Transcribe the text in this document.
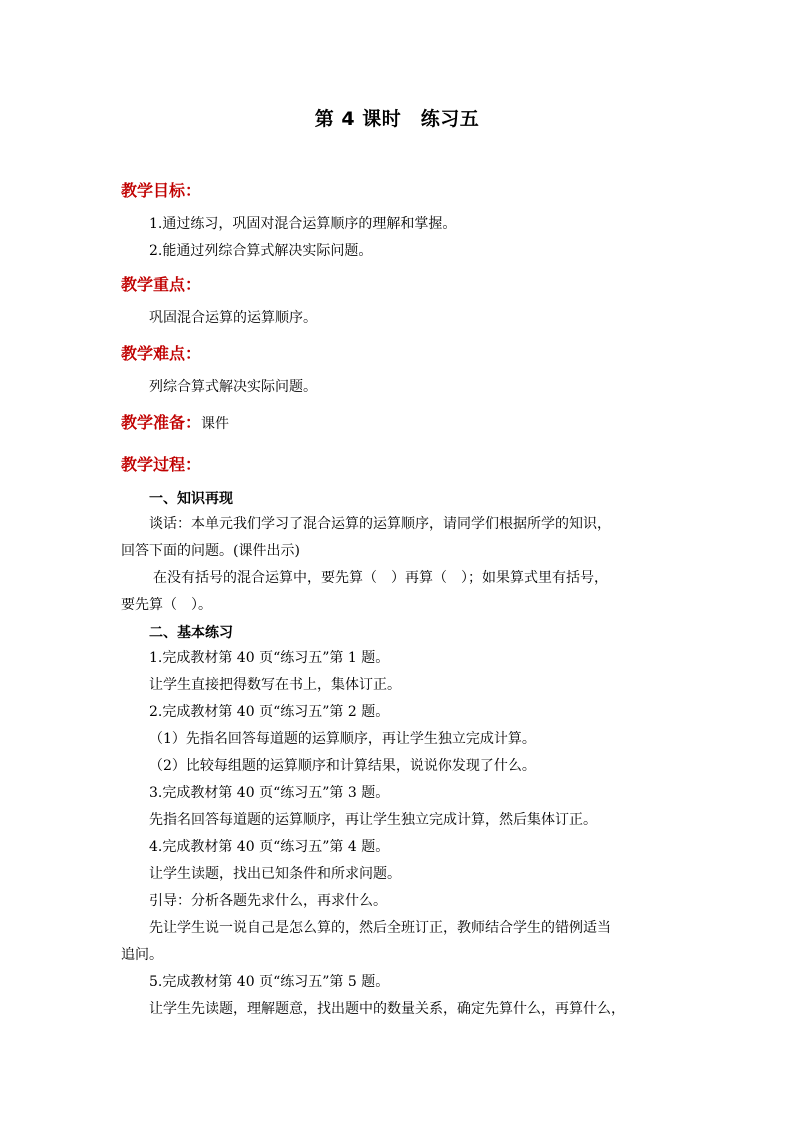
第 4 课时　练习五
教学目标：
1.通过练习，巩固对混合运算顺序的理解和掌握。
2.能通过列综合算式解决实际问题。
教学重点：
巩固混合运算的运算顺序。
教学难点：
列综合算式解决实际问题。
教学准备：课件
教学过程：
一、知识再现
谈话：本单元我们学习了混合运算的运算顺序，请同学们根据所学的知识，
回答下面的问题。(课件出示)
在没有括号的混合运算中，要先算（　）再算（　）；如果算式里有括号，
要先算（　）。
二、基本练习
1.完成教材第 40 页“练习五”第 1 题。
让学生直接把得数写在书上，集体订正。
2.完成教材第 40 页“练习五”第 2 题。
（1）先指名回答每道题的运算顺序，再让学生独立完成计算。
（2）比较每组题的运算顺序和计算结果，说说你发现了什么。
3.完成教材第 40 页“练习五”第 3 题。
先指名回答每道题的运算顺序，再让学生独立完成计算，然后集体订正。
4.完成教材第 40 页“练习五”第 4 题。
让学生读题，找出已知条件和所求问题。
引导：分析各题先求什么，再求什么。
先让学生说一说自己是怎么算的，然后全班订正，教师结合学生的错例适当
追问。
5.完成教材第 40 页“练习五”第 5 题。
让学生先读题，理解题意，找出题中的数量关系，确定先算什么，再算什么，
